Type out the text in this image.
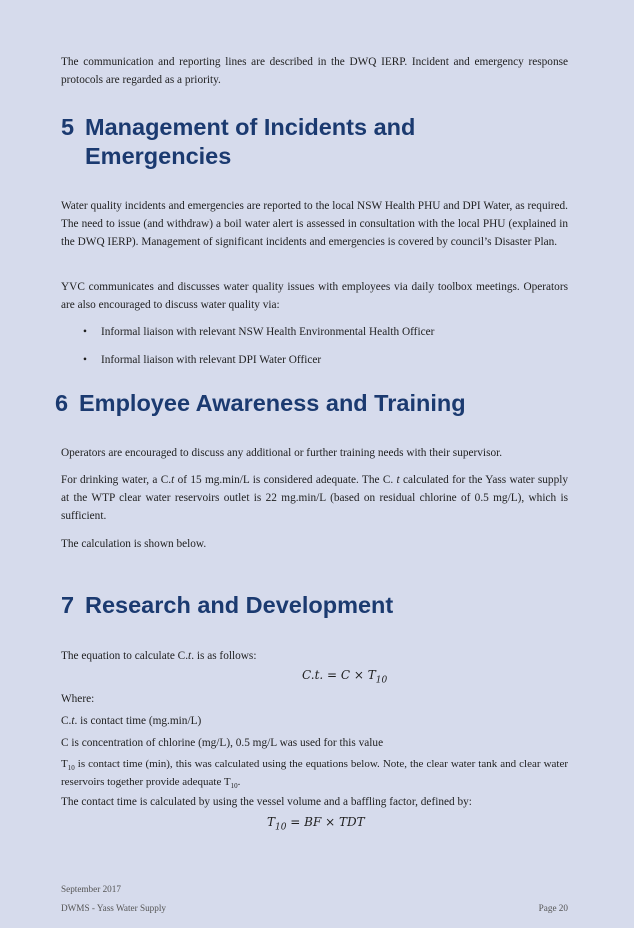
The communication and reporting lines are described in the DWQ IERP. Incident and emergency response protocols are regarded as a priority.

5 Management of Incidents and
Emergencies

Water quality incidents and emergencies are reported to the local NSW Health PHU and DPI Water, as required. The need to issue (and withdraw) a boil water alert is assessed in consultation with the local PHU (explained in the DWQ IERP). Management of significant incidents and emergencies is covered by council’s Disaster Plan.

YVC communicates and discusses water quality issues with employees via daily toolbox meetings. Operators are also encouraged to discuss water quality via:

• Informal liaison with relevant NSW Health Environmental Health Officer
• Informal liaison with relevant DPI Water Officer
6 Employee Awareness and Training

Operators are encouraged to discuss any additional or further training needs with their supervisor.

For drinking water, a C.t of 15 mg.min/L is considered adequate. The C. t calculated for the Yass water supply at the WTP clear water reservoirs outlet is 22 mg.min/L (based on residual chlorine of 0.5 mg/L), which is sufficient.

The calculation is shown below.

7 Research and Development

The equation to calculate C.t. is as follows:

C.t. = $C \times T_{10}$

Where:

C.t. is contact time (mg.min/L)

C is concentration of chlorine (mg/L), 0.5 mg/L was used for this value

$T_{10}$ is contact time (min), this was calculated using the equations below. Note, the clear water tank and clear water reservoirs together provide adequate $T_{10}$.

The contact time is calculated by using the vessel volume and a baffling factor, defined by:

$T_{10}$ = BF × TDT
September 2017
DWMS - Yass Water Supply	Page 20
